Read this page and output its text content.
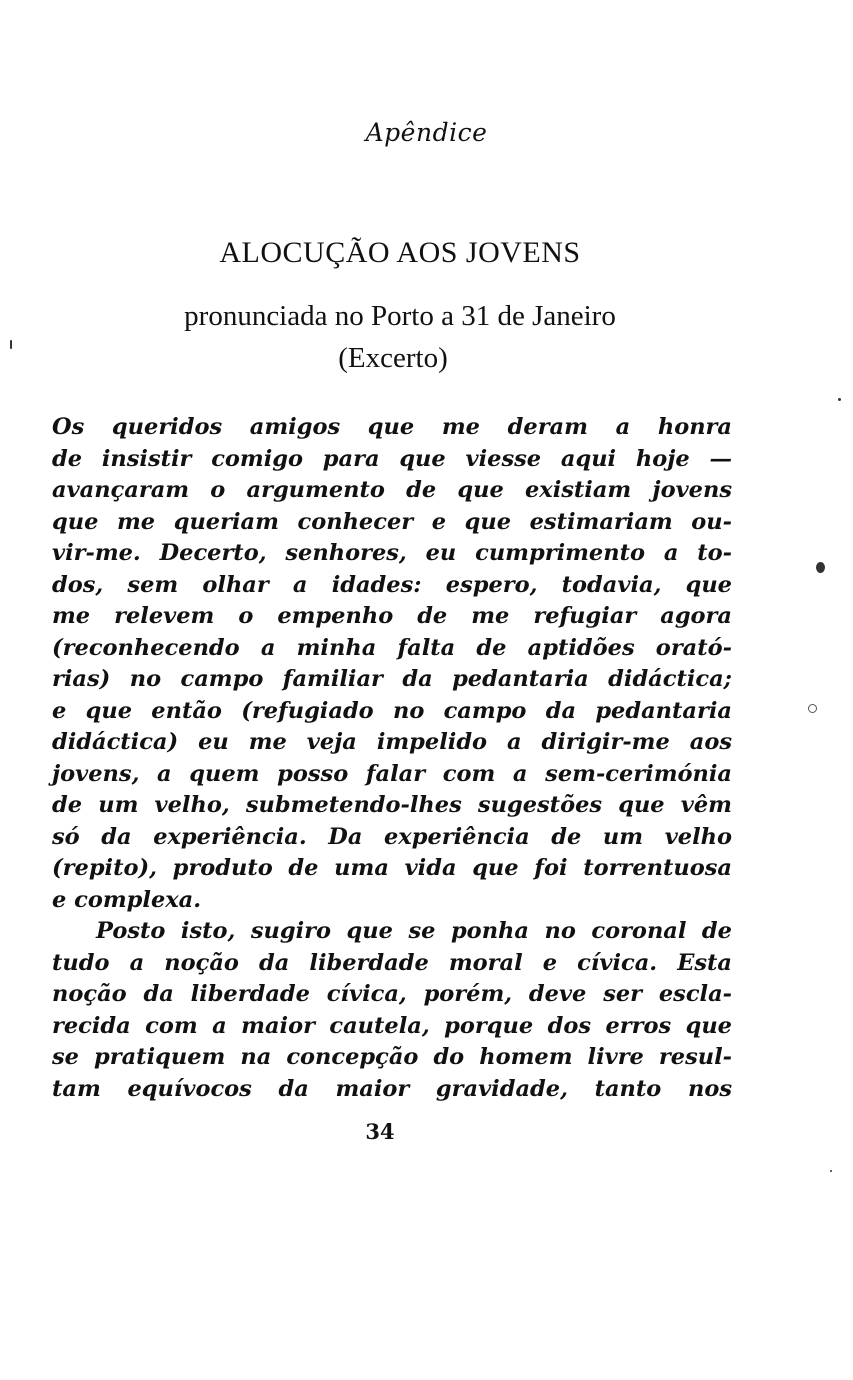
Apêndice
ALOCUÇÃO AOS JOVENS
pronunciada no Porto a 31 de Janeiro
(Excerto)
Os queridos amigos que me deram a honra
de insistir comigo para que viesse aqui hoje —
avançaram o argumento de que existiam jovens
que me queriam conhecer e que estimariam ou-
vir-me. Decerto, senhores, eu cumprimento a to-
dos, sem olhar a idades: espero, todavia, que
me relevem o empenho de me refugiar agora
(reconhecendo a minha falta de aptidões orató-
rias) no campo familiar da pedantaria didáctica;
e que então (refugiado no campo da pedantaria
didáctica) eu me veja impelido a dirigir-me aos
jovens, a quem posso falar com a sem-cerimónia
de um velho, submetendo-lhes sugestões que vêm
só da experiência. Da experiência de um velho
(repito), produto de uma vida que foi torrentuosa
e complexa.
Posto isto, sugiro que se ponha no coronal de
tudo a noção da liberdade moral e cívica. Esta
noção da liberdade cívica, porém, deve ser escla-
recida com a maior cautela, porque dos erros que
se pratiquem na concepção do homem livre resul-
tam equívocos da maior gravidade, tanto nos
34
